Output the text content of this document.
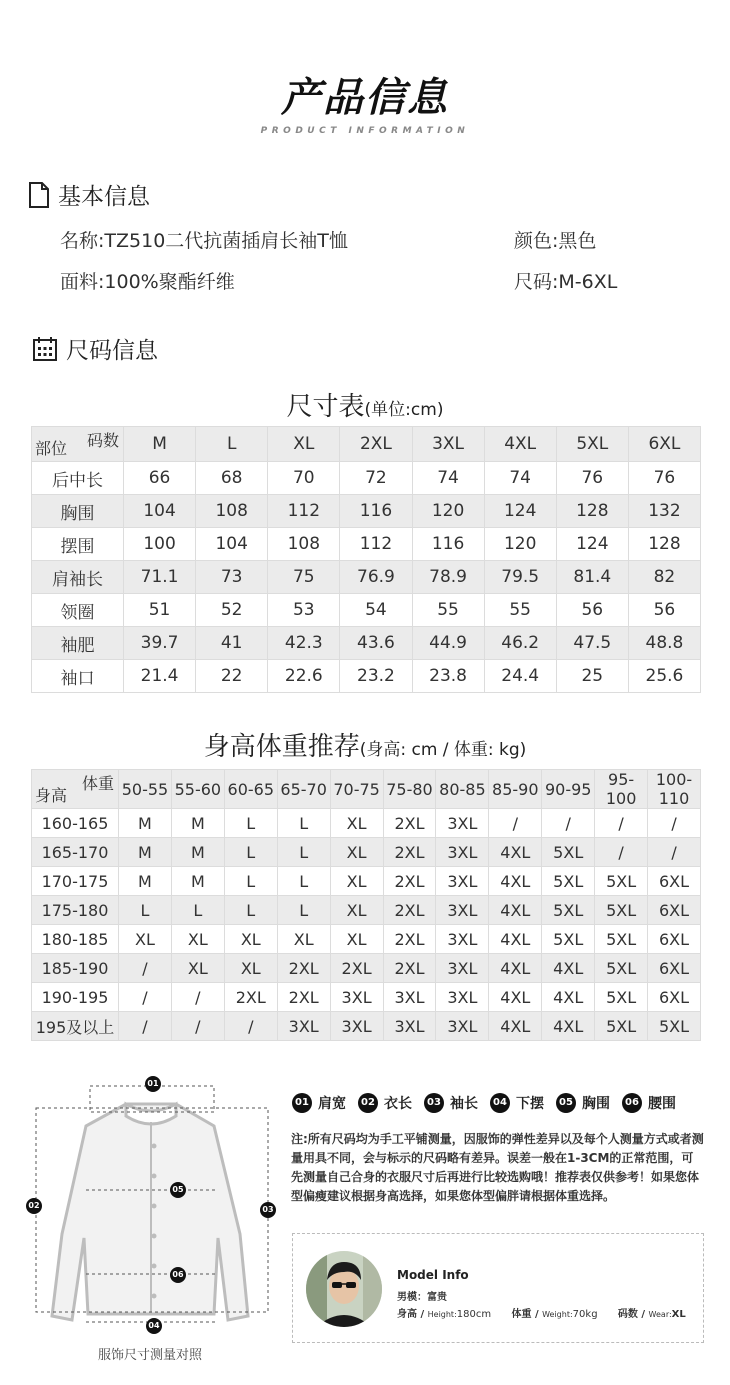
产品信息
PRODUCT INFORMATION
基本信息
名称:TZ510二代抗菌插肩长袖T恤	颜色:黑色
面料:100%聚酯纤维	尺码:M-6XL
尺码信息
尺寸表(单位:cm)
码数
部位	M	L	XL	2XL	3XL	4XL	5XL	6XL
后中长	66	68	70	72	74	74	76	76
胸围	104	108	112	116	120	124	128	132
摆围	100	104	108	112	116	120	124	128
肩袖长	71.1	73	75	76.9	78.9	79.5	81.4	82
领圈	51	52	53	54	55	55	56	56
袖肥	39.7	41	42.3	43.6	44.9	46.2	47.5	48.8
袖口	21.4	22	22.6	23.2	23.8	24.4	25	25.6
身高体重推荐(身高: cm / 体重: kg)
体重
身高	50-55	55-60	60-65	65-70	70-75	75-80	80-85	85-90	90-95	95-100	100-110
160-165	M	M	L	L	XL	2XL	3XL	/	/	/	/
165-170	M	M	L	L	XL	2XL	3XL	4XL	5XL	/	/
170-175	M	M	L	L	XL	2XL	3XL	4XL	5XL	5XL	6XL
175-180	L	L	L	L	XL	2XL	3XL	4XL	5XL	5XL	6XL
180-185	XL	XL	XL	XL	XL	2XL	3XL	4XL	5XL	5XL	6XL
185-190	/	XL	XL	2XL	2XL	2XL	3XL	4XL	4XL	5XL	6XL
190-195	/	/	2XL	2XL	3XL	3XL	3XL	4XL	4XL	5XL	6XL
195及以上	/	/	/	3XL	3XL	3XL	3XL	4XL	4XL	5XL	5XL
01
02	03
04
05
06
服饰尺寸测量对照
01 肩宽	02 衣长	03 袖长	04 下摆	05 胸围	06 腰围
注:所有尺码均为手工平铺测量，因服饰的弹性差异以及每个人测量方式或者测量用具不同，会与标示的尺码略有差异。误差一般在1-3CM的正常范围，可先测量自己合身的衣服尺寸后再进行比较选购哦！推荐表仅供参考！如果您体型偏瘦建议根据身高选择，如果您体型偏胖请根据体重选择。
Model Info
男模：富贵
身高 / Height:180cm 体重 / Weight:70kg 码数 / Wear:XL
